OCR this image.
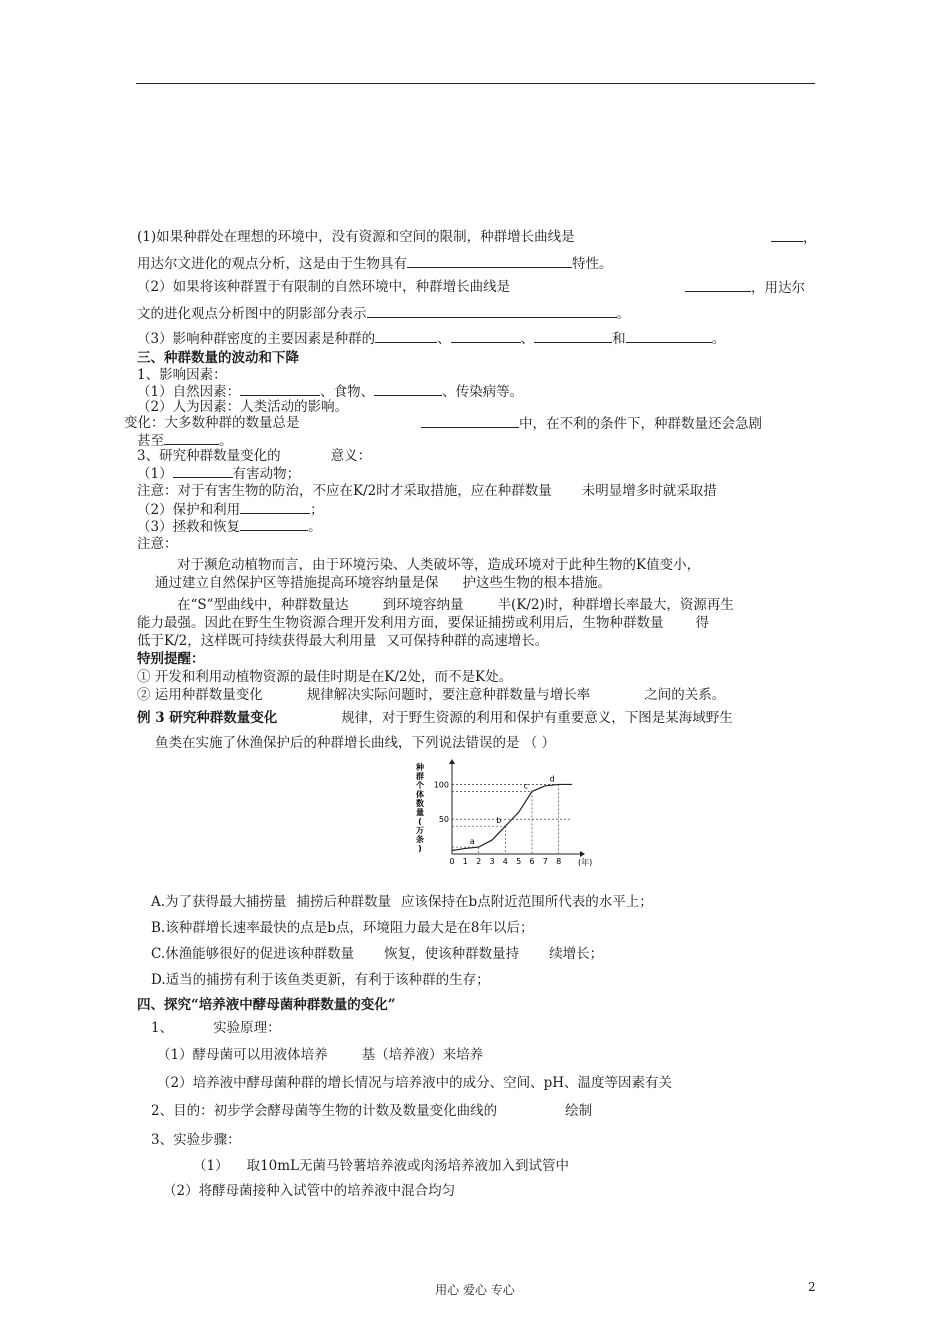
(1)如果种群处在理想的环境中，没有资源和空间的限制，种群增长曲线是	，
用达尔文进化的观点分析，这是由于生物具有	特性。
（2）如果将该种群置于有限制的自然环境中，种群增长曲线是	，用达尔
文的进化观点分析图中的阴影部分表示	。
（3）影响种群密度的主要因素是种群的	、	、	和	。
三、种群数量的波动和下降
1、影响因素：
（1）自然因素：	、食物、	、传染病等。
（2）人为因素：人类活动的影响。
变化：大多数种群的数量总是	中，在不利的条件下，种群数量还会急剧
甚至	。
3、研究种群数量变化的	意义：
（1）	有害动物；
注意：对于有害生物的防治，不应在K/2时才采取措施，应在种群数量 未明显增多时就采取措
（2）保护和利用	；
（3）拯救和恢复	。
注意：
对于濒危动植物而言，由于环境污染、人类破坏等，造成环境对于此种生物的K值变小，
通过建立自然保护区等措施提高环境容纳量是保 护这些生物的根本措施。
在“S”型曲线中，种群数量达	到环境容纳量	半(K/2)时，种群增长率最大，资源再生
能力最强。因此在野生生物资源合理开发利用方面，要保证捕捞或利用后，生物种群数量 得
低于K/2，这样既可持续获得最大利用量 又可保持种群的高速增长。
特别提醒：
① 开发和利用动植物资源的最佳时期是在K/2处，而不是K处。
② 运用种群数量变化	规律解决实际问题时，要注意种群数量与增长率	之间的关系。
例 3 研究种群数量变化	规律，对于野生资源的利用和保护有重要意义，下图是某海域野生
鱼类在实施了休渔保护后的种群增长曲线，下列说法错误的是 （ ）
50
100
0 1 2 3 4 5 6 7 8 (年)
种
群
个
体
数
量
(
万
条
)
a
b
c
d
A.为了获得最大捕捞量 捕捞后种群数量 应该保持在b点附近范围所代表的水平上；
B.该种群增长速率最快的点是b点，环境阻力最大是在8年以后；
C.休渔能够很好的促进该种群数量 恢复，使该种群数量持 续增长；
D.适当的捕捞有利于该鱼类更新，有利于该种群的生存；
四、探究“培养液中酵母菌种群数量的变化”
1、	实验原理：
（1）酵母菌可以用液体培养	基（培养液）来培养
（2）培养液中酵母菌种群的增长情况与培养液中的成分、空间、pH、温度等因素有关
2、目的：初步学会酵母菌等生物的计数及数量变化曲线的	绘制
3、实验步骤：
（1） 取10mL无菌马铃薯培养液或肉汤培养液加入到试管中
（2）将酵母菌接种入试管中的培养液中混合均匀
用心 爱心 专心	2
